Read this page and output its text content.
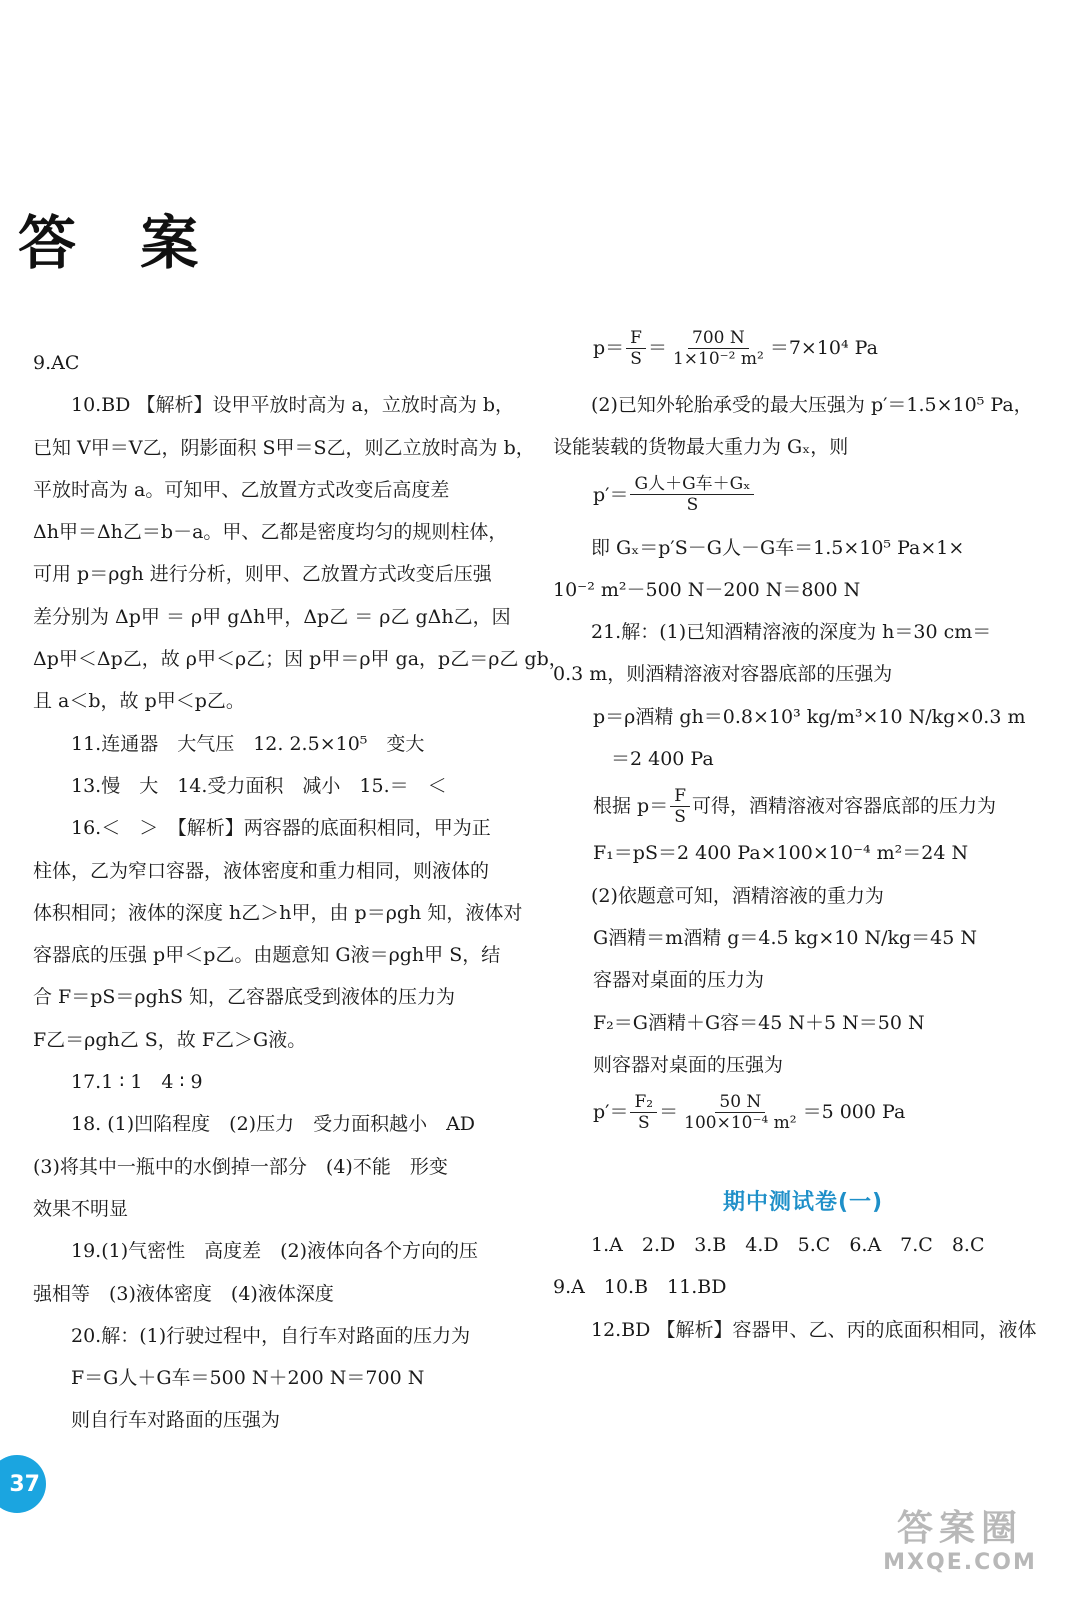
答 案
9.AC
10.BD 【解析】设甲平放时高为 a，立放时高为 b，
已知 V甲＝V乙，阴影面积 S甲＝S乙，则乙立放时高为 b，
平放时高为 a。可知甲、乙放置方式改变后高度差
Δh甲＝Δh乙＝b－a。甲、乙都是密度均匀的规则柱体，
可用 p＝ρgh 进行分析，则甲、乙放置方式改变后压强
差分别为 Δp甲 ＝ ρ甲 gΔh甲，Δp乙 ＝ ρ乙 gΔh乙，因
Δp甲＜Δp乙，故 ρ甲＜ρ乙；因 p甲＝ρ甲 ga，p乙＝ρ乙 gb，
且 a＜b，故 p甲＜p乙。
11.连通器　大气压　12. 2.5×10⁵　变大
13.慢　大　14.受力面积　减小　15.＝　＜
16.＜　＞　【解析】两容器的底面积相同，甲为正
柱体，乙为窄口容器，液体密度和重力相同，则液体的
体积相同；液体的深度 h乙＞h甲，由 p＝ρgh 知，液体对
容器底的压强 p甲＜p乙。由题意知 G液＝ρgh甲 S，结
合 F＝pS＝ρghS 知，乙容器底受到液体的压力为
F乙＝ρgh乙 S，故 F乙＞G液。
17.1 ∶ 1　4 ∶ 9
18. (1)凹陷程度　(2)压力　受力面积越小　AD
(3)将其中一瓶中的水倒掉一部分　(4)不能　形变
效果不明显
19.(1)气密性　高度差　(2)液体向各个方向的压
强相等　(3)液体密度　(4)液体深度
20.解：(1)行驶过程中，自行车对路面的压力为
F＝G人＋G车＝500 N＋200 N＝700 N
则自行车对路面的压强为
$p= \frac{F}{S} = \frac{700 N}{\text{1×10⁻² m²}} =7\times 10^4$ Pa
(2)已知外轮胎承受的最大压强为 p′＝1.5×10⁵ Pa，
设能装载的货物最大重力为 Gₓ，则
$p'= \frac{\text{G人＋G车＋Gₓ}}{S}$
即 Gₓ＝p′S－G人－G车＝1.5×10⁵ Pa×1×
10⁻² m²－500 N－200 N＝800 N
21.解：(1)已知酒精溶液的深度为 h＝30 cm＝
0.3 m，则酒精溶液对容器底部的压强为
p＝ρ酒精 gh＝0.8×10³ kg/m³×10 N/kg×0.3 m
＝2 400 Pa
根据 $p= \frac{F}{S}$ 可得，酒精溶液对容器底部的压力为
F₁＝pS＝2 400 Pa×100×10⁻⁴ m²＝24 N
(2)依题意可知，酒精溶液的重力为
G酒精＝m酒精 g＝4.5 kg×10 N/kg＝45 N
容器对桌面的压力为
F₂＝G酒精＋G容＝45 N＋5 N＝50 N
则容器对桌面的压强为
$p'= \frac{\text{F₂}}{S} = \frac{50 N}{\text{100×10⁻⁴ m²}} =5$ 000 Pa
期中测试卷(一)
1.A　2.D　3.B　4.D　5.C　6.A　7.C　8.C
9.A　10.B　11.BD
12.BD 【解析】容器甲、乙、丙的底面积相同，液体
37
答案圈
MXQE.COM
